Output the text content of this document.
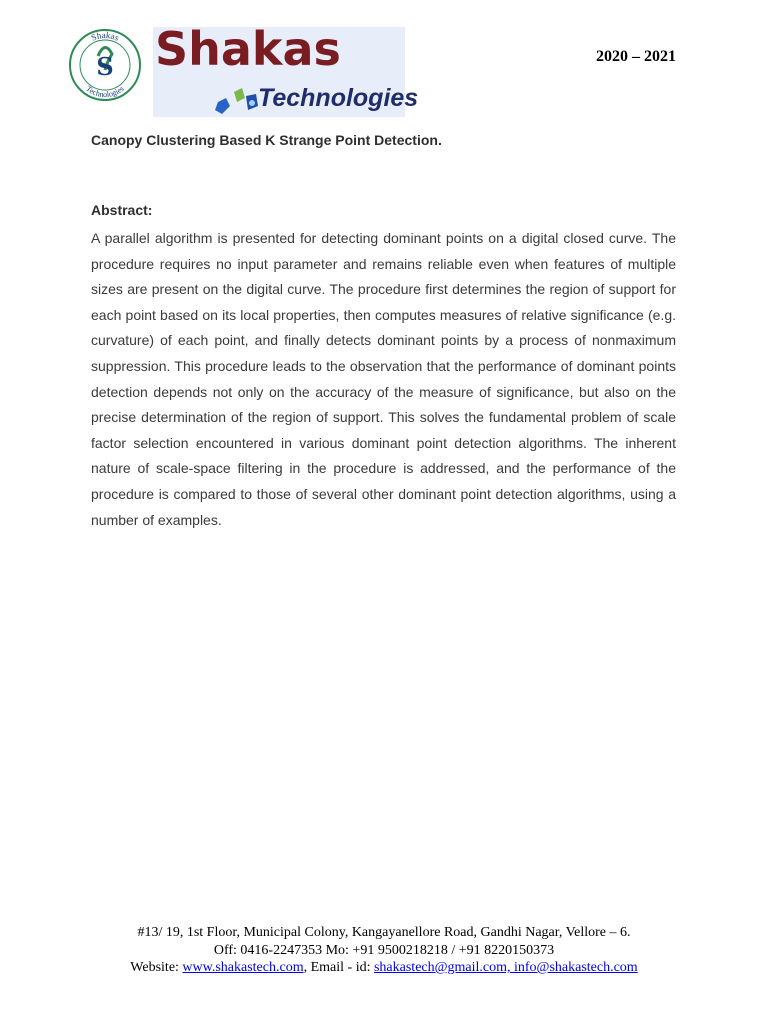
Shakas
Technologies
S Shakas
Technologies
2020 – 2021
Canopy Clustering Based K Strange Point Detection.
Abstract:
A parallel algorithm is presented for detecting dominant points on a digital closed curve. The procedure requires no input parameter and remains reliable even when features of multiple sizes are present on the digital curve. The procedure first determines the region of support for each point based on its local properties, then computes measures of relative significance (e.g. curvature) of each point, and finally detects dominant points by a process of nonmaximum suppression. This procedure leads to the observation that the performance of dominant points detection depends not only on the accuracy of the measure of significance, but also on the precise determination of the region of support. This solves the fundamental problem of scale factor selection encountered in various dominant point detection algorithms. The inherent nature of scale-space filtering in the procedure is addressed, and the performance of the procedure is compared to those of several other dominant point detection algorithms, using a number of examples.
#13/ 19, 1st Floor, Municipal Colony, Kangayanellore Road, Gandhi Nagar, Vellore – 6.
Off: 0416-2247353 Mo: +91 9500218218 / +91 8220150373
Website: www.shakastech.com, Email - id: shakastech@gmail.com, info@shakastech.com
